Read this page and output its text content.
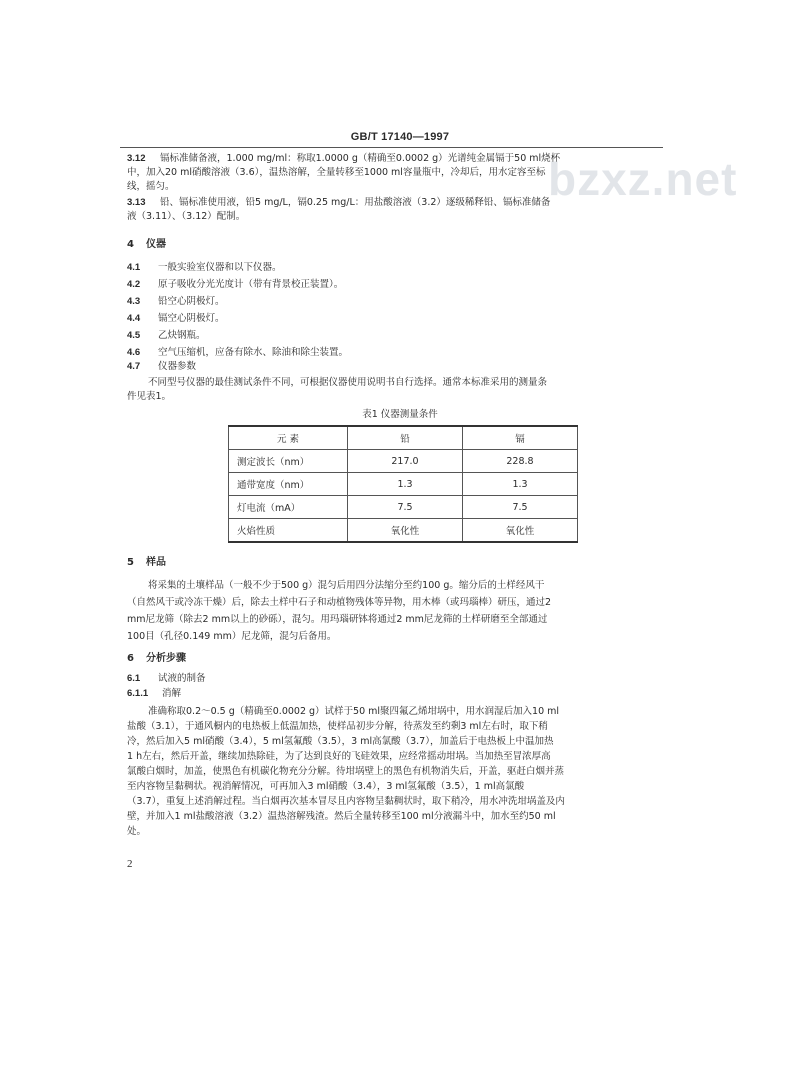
GB/T 17140—1997
bzxz.net
3.12 镉标准储备液，1.000 mg/ml：称取1.0000 g（精确至0.0002 g）光谱纯金属镉于50 ml烧杯
中，加入20 ml硝酸溶液（3.6），温热溶解，全量转移至1000 ml容量瓶中，冷却后，用水定容至标
线，摇匀。
3.13 铅、镉标准使用液，铅5 mg/L，镉0.25 mg/L：用盐酸溶液（3.2）逐级稀释铅、镉标准储备
液（3.11）、（3.12）配制。
4 仪器
4.1 一般实验室仪器和以下仪器。
4.2 原子吸收分光光度计（带有背景校正装置）。
4.3 铅空心阴极灯。
4.4 镉空心阴极灯。
4.5 乙炔钢瓶。
4.6 空气压缩机，应备有除水、除油和除尘装置。
4.7 仪器参数
不同型号仪器的最佳测试条件不同，可根据仪器使用说明书自行选择。通常本标准采用的测量条
件见表1。
表1 仪器测量条件
元 素	铅	镉
测定波长（nm）	217.0	228.8
通带宽度（nm）	1.3	1.3
灯电流（mA）	7.5	7.5
火焰性质	氧化性	氧化性
5 样品
将采集的土壤样品（一般不少于500 g）混匀后用四分法缩分至约100 g。缩分后的土样经风干
（自然风干或冷冻干燥）后，除去土样中石子和动植物残体等异物，用木棒（或玛瑙棒）研压，通过2
mm尼龙筛（除去2 mm以上的砂砾），混匀。用玛瑙研钵将通过2 mm尼龙筛的土样研磨至全部通过
100目（孔径0.149 mm）尼龙筛，混匀后备用。
6 分析步骤
6.1 试液的制备
6.1.1 消解
准确称取0.2～0.5 g（精确至0.0002 g）试样于50 ml聚四氟乙烯坩埚中，用水润湿后加入10 ml
盐酸（3.1），于通风橱内的电热板上低温加热，使样品初步分解，待蒸发至约剩3 ml左右时，取下稍
冷，然后加入5 ml硝酸（3.4），5 ml氢氟酸（3.5），3 ml高氯酸（3.7），加盖后于电热板上中温加热
1 h左右，然后开盖，继续加热除硅，为了达到良好的飞硅效果，应经常摇动坩埚。当加热至冒浓厚高
氯酸白烟时，加盖，使黑色有机碳化物充分分解。待坩埚壁上的黑色有机物消失后，开盖，驱赶白烟并蒸
至内容物呈黏稠状。视消解情况，可再加入3 ml硝酸（3.4），3 ml氢氟酸（3.5），1 ml高氯酸
（3.7），重复上述消解过程。当白烟再次基本冒尽且内容物呈黏稠状时，取下稍冷，用水冲洗坩埚盖及内
壁，并加入1 ml盐酸溶液（3.2）温热溶解残渣。然后全量转移至100 ml分液漏斗中，加水至约50 ml
处。
2
